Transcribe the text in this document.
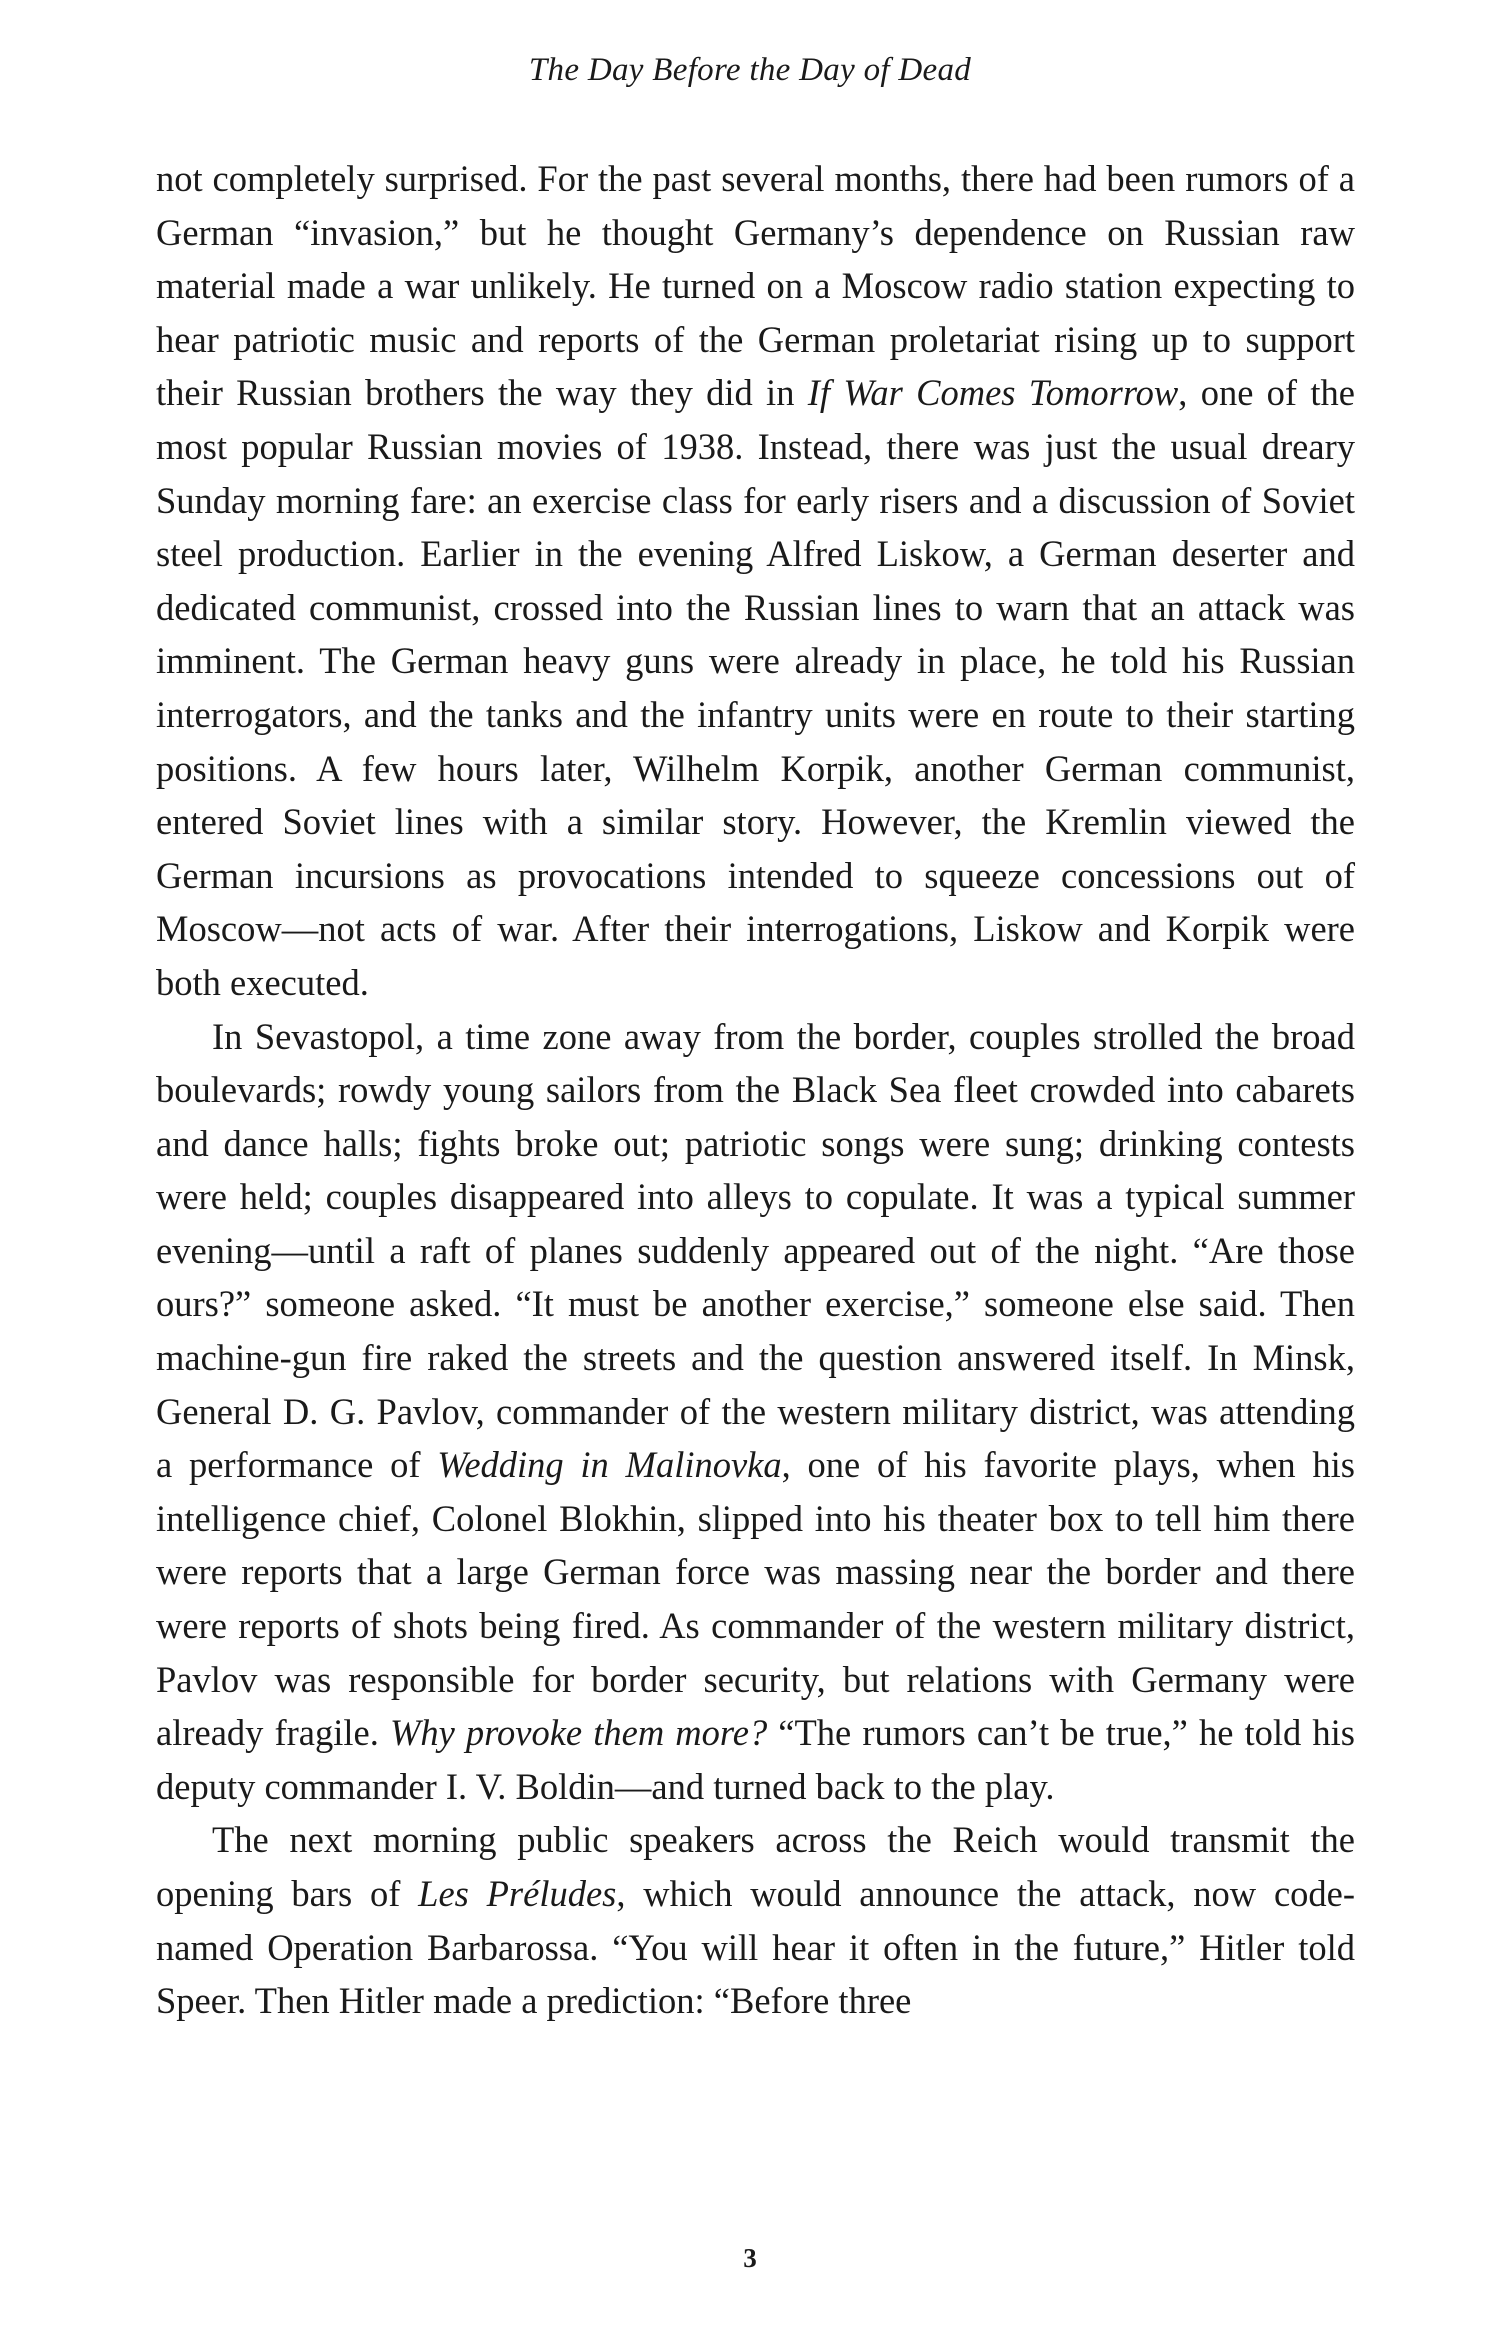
The Day Before the Day of Dead

not completely surprised. For the past several months, there had been rumors of a German “invasion,” but he thought Germany’s dependence on Russian raw material made a war unlikely. He turned on a Moscow radio station expecting to hear patriotic music and reports of the German proletariat rising up to support their Russian brothers the way they did in If War Comes Tomorrow, one of the most popular Russian movies of 1938. Instead, there was just the usual dreary Sunday morning fare: an exercise class for early risers and a discussion of Soviet steel production. Earlier in the evening Alfred Liskow, a German deserter and dedicated communist, crossed into the Russian lines to warn that an attack was imminent. The German heavy guns were already in place, he told his Russian interrogators, and the tanks and the infantry units were en route to their starting positions. A few hours later, Wilhelm Korpik, another German communist, entered Soviet lines with a similar story. However, the Kremlin viewed the German incursions as provocations intended to squeeze concessions out of Moscow—not acts of war. After their interrogations, Liskow and Korpik were both executed.

In Sevastopol, a time zone away from the border, couples strolled the broad boulevards; rowdy young sailors from the Black Sea fleet crowded into cabarets and dance halls; fights broke out; patriotic songs were sung; drinking contests were held; couples disappeared into alleys to copulate. It was a typical summer evening—until a raft of planes suddenly appeared out of the night. “Are those ours?” someone asked. “It must be another exercise,” someone else said. Then machine-gun fire raked the streets and the question answered itself. In Minsk, General D. G. Pavlov, commander of the western military district, was attending a performance of Wedding in Malinovka, one of his favorite plays, when his intelligence chief, Colonel Blokhin, slipped into his theater box to tell him there were reports that a large German force was massing near the border and there were reports of shots being fired. As commander of the western military district, Pavlov was responsible for border security, but relations with Germany were already fragile. Why provoke them more? “The rumors can’t be true,” he told his deputy commander I. V. Boldin—and turned back to the play.

The next morning public speakers across the Reich would transmit the opening bars of Les Préludes, which would announce the attack, now code-named Operation Barbarossa. “You will hear it often in the future,” Hitler told Speer. Then Hitler made a prediction: “Before three

3
